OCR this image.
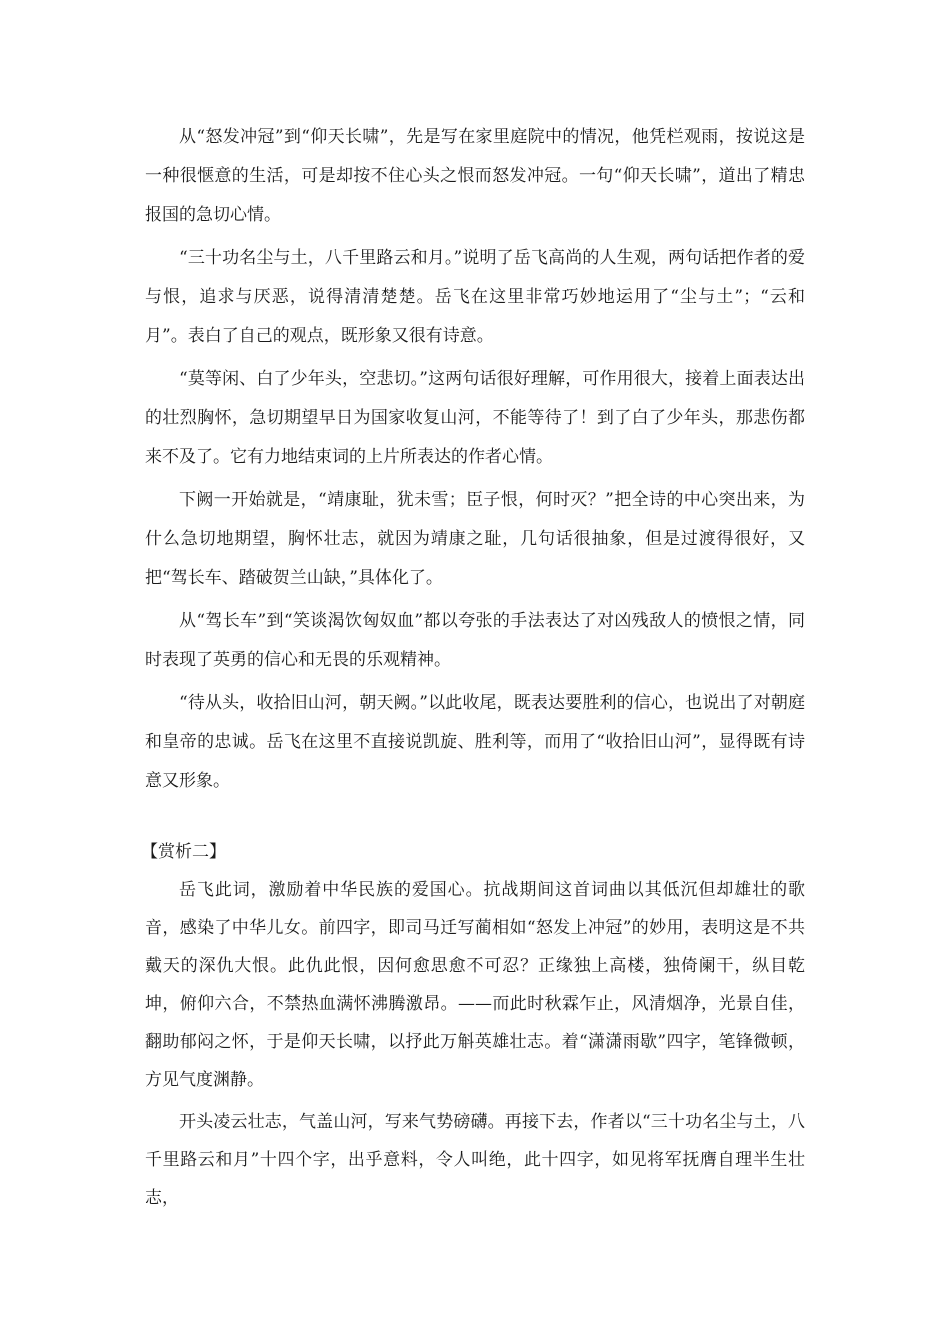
从“怒发冲冠”到“仰天长啸”，先是写在家里庭院中的情况，他凭栏观雨，按说这是一种很惬意的生活，可是却按不住心头之恨而怒发冲冠。一句“仰天长啸”，道出了精忠报国的急切心情。

“三十功名尘与土，八千里路云和月。”说明了岳飞高尚的人生观，两句话把作者的爱与恨，追求与厌恶，说得清清楚楚。岳飞在这里非常巧妙地运用了“尘与土”；“云和月”。表白了自己的观点，既形象又很有诗意。

“莫等闲、白了少年头，空悲切。”这两句话很好理解，可作用很大，接着上面表达出的壮烈胸怀，急切期望早日为国家收复山河，不能等待了！到了白了少年头，那悲伤都来不及了。它有力地结束词的上片所表达的作者心情。

下阙一开始就是，“靖康耻，犹未雪；臣子恨，何时灭？”把全诗的中心突出来，为什么急切地期望，胸怀壮志，就因为靖康之耻，几句话很抽象，但是过渡得很好，又把“驾长车、踏破贺兰山缺，”具体化了。

从“驾长车”到“笑谈渴饮匈奴血”都以夸张的手法表达了对凶残敌人的愤恨之情，同时表现了英勇的信心和无畏的乐观精神。

“待从头，收拾旧山河，朝天阙。”以此收尾，既表达要胜利的信心，也说出了对朝庭和皇帝的忠诚。岳飞在这里不直接说凯旋、胜利等，而用了“收拾旧山河”，显得既有诗意又形象。

【赏析二】

岳飞此词，激励着中华民族的爱国心。抗战期间这首词曲以其低沉但却雄壮的歌音，感染了中华儿女。前四字，即司马迁写蔺相如“怒发上冲冠”的妙用，表明这是不共戴天的深仇大恨。此仇此恨，因何愈思愈不可忍？正缘独上高楼，独倚阑干，纵目乾坤，俯仰六合，不禁热血满怀沸腾激昂。——而此时秋霖乍止，风清烟净，光景自佳，翻助郁闷之怀，于是仰天长啸，以抒此万斛英雄壮志。着“潇潇雨歇”四字，笔锋微顿，方见气度渊静。

开头凌云壮志，气盖山河，写来气势磅礴。再接下去，作者以“三十功名尘与土，八千里路云和月”十四个字，出乎意料，令人叫绝，此十四字，如见将军抚膺自理半生壮志，
